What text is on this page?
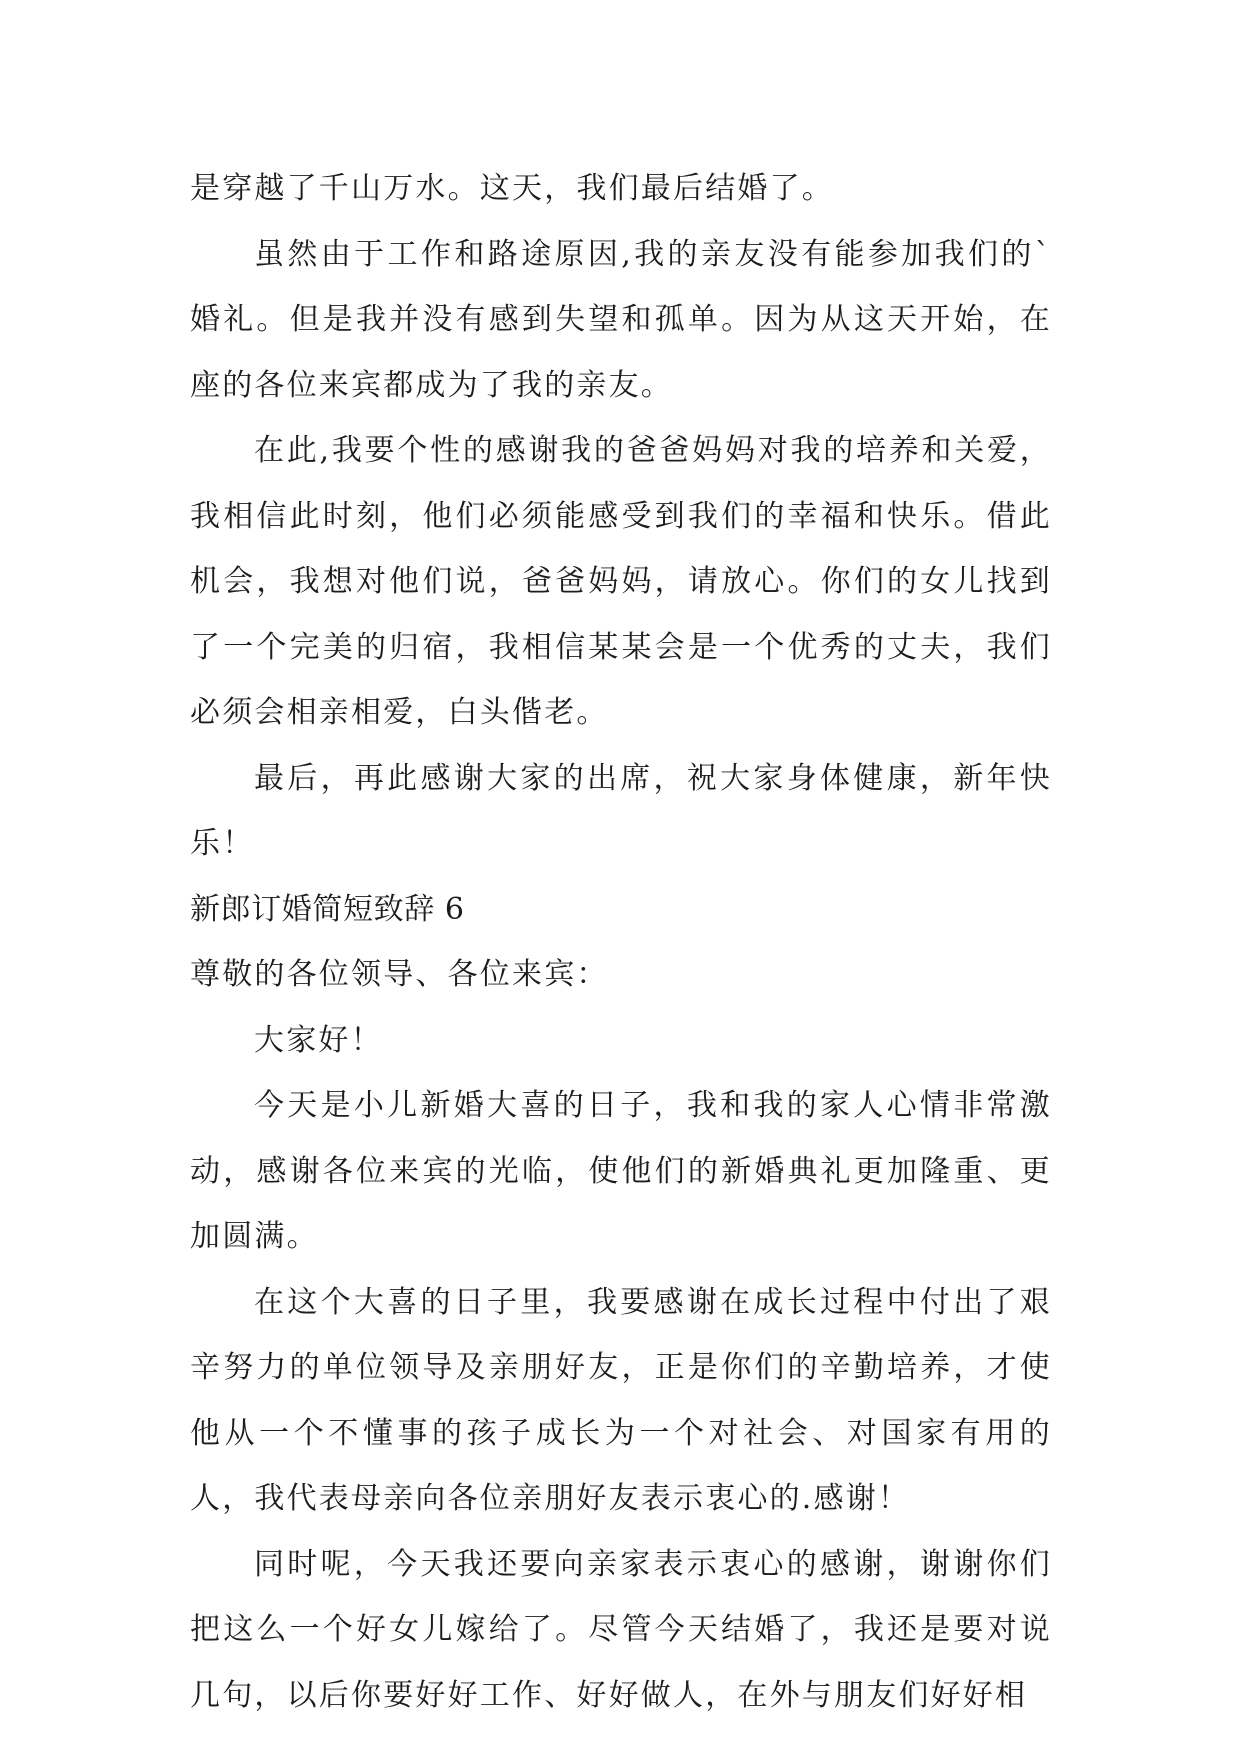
是穿越了千山万水。这天，我们最后结婚了。

虽然由于工作和路途原因,我的亲友没有能参加我们的`婚礼。但是我并没有感到失望和孤单。因为从这天开始，在座的各位来宾都成为了我的亲友。

在此,我要个性的感谢我的爸爸妈妈对我的培养和关爱，我相信此时刻，他们必须能感受到我们的幸福和快乐。借此机会，我想对他们说，爸爸妈妈，请放心。你们的女儿找到了一个完美的归宿，我相信某某会是一个优秀的丈夫，我们必须会相亲相爱，白头偕老。

最后，再此感谢大家的出席，祝大家身体健康，新年快乐！

新郎订婚简短致辞 6

尊敬的各位领导、各位来宾：

大家好！

今天是小儿新婚大喜的日子，我和我的家人心情非常激动，感谢各位来宾的光临，使他们的新婚典礼更加隆重、更加圆满。

在这个大喜的日子里，我要感谢在成长过程中付出了艰辛努力的单位领导及亲朋好友，正是你们的辛勤培养，才使他从一个不懂事的孩子成长为一个对社会、对国家有用的人，我代表母亲向各位亲朋好友表示衷心的.感谢！

同时呢，今天我还要向亲家表示衷心的感谢，谢谢你们把这么一个好女儿嫁给了。尽管今天结婚了，我还是要对说几句，以后你要好好工作、好好做人，在外与朋友们好好相
